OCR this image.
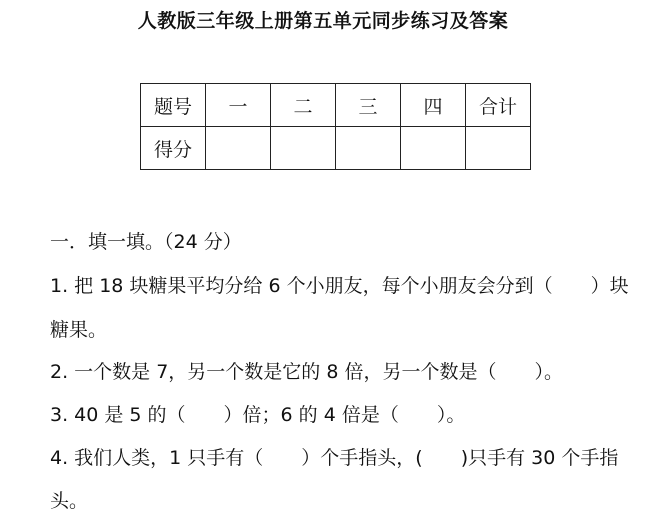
人教版三年级上册第五单元同步练习及答案
题号	一	二	三	四	合计
得分					
一．填一填。（24 分）
1. 把 18 块糖果平均分给 6 个小朋友，每个小朋友会分到（　　）块
糖果。
2. 一个数是 7，另一个数是它的 8 倍，另一个数是（　　）。
3. 40 是 5 的（　　）倍；6 的 4 倍是（　　）。
4. 我们人类，1 只手有（　　）个手指头，(　　)只手有 30 个手指
头。
